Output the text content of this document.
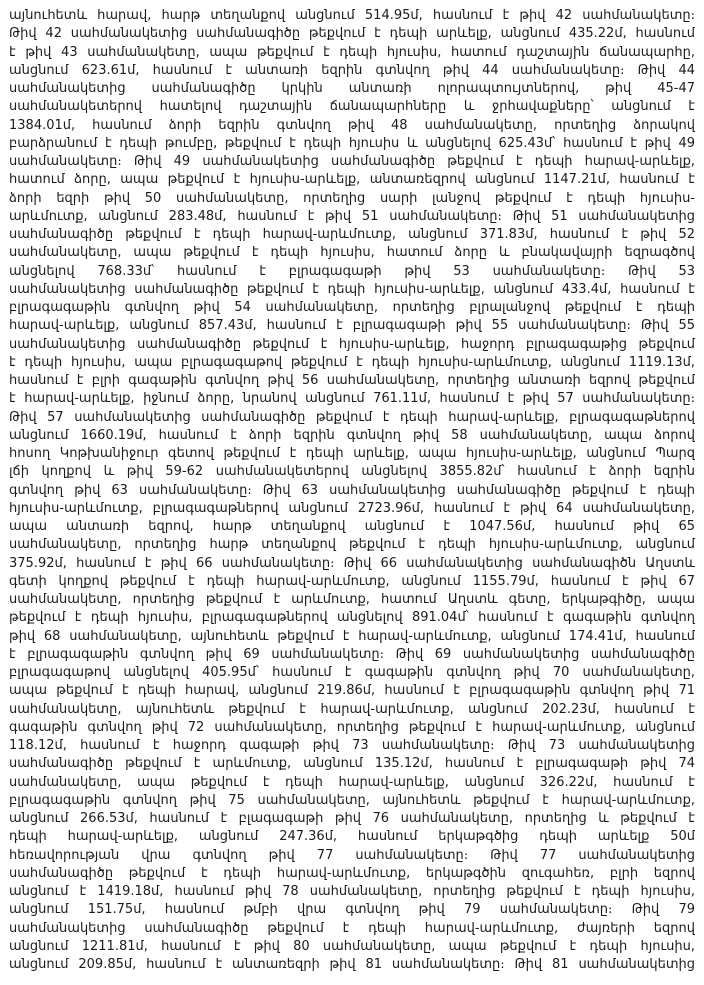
այնուհետև հարավ, հարթ տեղանքով անցնում 514.95մ, հասնում է թիվ 42 սահմանակետը։
Թիվ 42 սահմանակետից սահմանագիծը թեքվում է դեպի արևելք, անցնում 435.22մ, հասնում
է թիվ 43 սահմանակետը, ապա թեքվում է դեպի հյուսիս, հատում դաշտային ճանապարհը,
անցնում 623.61մ, հասնում է անտառի եզրին գտնվող թիվ 44 սահմանակետը։ Թիվ 44
սահմանակետից սահմանագիծը կրկին անտառի ոլորապտույտներով, թիվ 45-47
սահմանակետերով հատելով դաշտային ճանապարհները և ջրհավաքները՝ անցնում է
1384.01մ, հասնում ձորի եզրին գտնվող թիվ 48 սահմանակետը, որտեղից ձորակով
բարձրանում է դեպի թումբը, թեքվում է դեպի հյուսիս և անցնելով 625.43մ՝ հասնում է թիվ 49
սահմանակետը։ Թիվ 49 սահմանակետից սահմանագիծը թեքվում է դեպի հարավ-արևելք,
հատում ձորը, ապա թեքվում է հյուսիս-արևելք, անտառեզրով անցնում 1147.21մ, հասնում է
ձորի եզրի թիվ 50 սահմանակետը, որտեղից սարի լանջով թեքվում է դեպի հյուսիս-
արևմուտք, անցնում 283.48մ, հասնում է թիվ 51 սահմանակետը։ Թիվ 51 սահմանակետից
սահմանագիծը թեքվում է դեպի հարավ-արևմուտք, անցնում 371.83մ, հասնում է թիվ 52
սահմանակետը, ապա թեքվում է դեպի հյուսիս, հատում ձորը և բնակավայրի եզրագծով
անցնելով 768.33մ՝ հասնում է բլրագագաթի թիվ 53 սահմանակետը։ Թիվ 53
սահմանակետից սահմանագիծը թեքվում է դեպի հյուսիս-արևելք, անցնում 433.4մ, հասնում է
բլրագագաթին գտնվող թիվ 54 սահմանակետը, որտեղից բլրալանջով թեքվում է դեպի
հարավ-արևելք, անցնում 857.43մ, հասնում է բլրագագաթի թիվ 55 սահմանակետը։ Թիվ 55
սահմանակետից սահմանագիծը թեքվում է հյուսիս-արևելք, հաջորդ բլրագագաթից թեքվում
է դեպի հյուսիս, ապա բլրագագաթով թեքվում է դեպի հյուսիս-արևմուտք, անցնում 1119.13մ,
հասնում է բլրի գագաթին գտնվող թիվ 56 սահմանակետը, որտեղից անտառի եզրով թեքվում
է հարավ-արևելք, իջնում ձորը, նրանով անցնում 761.11մ, հասնում է թիվ 57 սահմանակետը։
Թիվ 57 սահմանակետից սահմանագիծը թեքվում է դեպի հարավ-արևելք, բլրագագաթներով
անցնում 1660.19մ, հասնում է ձորի եզրին գտնվող թիվ 58 սահմանակետը, ապա ձորով
հոսող Կոթխանիջուր գետով թեքվում է դեպի արևելք, ապա հյուսիս-արևելք, անցնում Պարզ
լճի կողքով և թիվ 59-62 սահմանակետերով անցնելով 3855.82մ՝ հասնում է ձորի եզրին
գտնվող թիվ 63 սահմանակետը։ Թիվ 63 սահմանակետից սահմանագիծը թեքվում է դեպի
հյուսիս-արևմուտք, բլրագագաթներով անցնում 2723.96մ, հասնում է թիվ 64 սահմանակետը,
ապա անտառի եզրով, հարթ տեղանքով անցնում է 1047.56մ, հասնում թիվ 65
սահմանակետը, որտեղից հարթ տեղանքով թեքվում է դեպի հյուսիս-արևմուտք, անցնում
375.92մ, հասնում է թիվ 66 սահմանակետը։ Թիվ 66 սահմանակետից սահմանագիծն Աղստև
գետի կողքով թեքվում է դեպի հարավ-արևմուտք, անցնում 1155.79մ, հասնում է թիվ 67
սահմանակետը, որտեղից թեքվում է արևմուտք, հատում Աղստև գետը, երկաթգիծը, ապա
թեքվում է դեպի հյուսիս, բլրագագաթներով անցնելով 891.04մ՝ հասնում է գագաթին գտնվող
թիվ 68 սահմանակետը, այնուհետև թեքվում է հարավ-արևմուտք, անցնում 174.41մ, հասնում
է բլրագագաթին գտնվող թիվ 69 սահմանակետը։ Թիվ 69 սահմանակետից սահմանագիծը
բլրագագաթով անցնելով 405.95մ՝ հասնում է գագաթին գտնվող թիվ 70 սահմանակետը,
ապա թեքվում է դեպի հարավ, անցնում 219.86մ, հասնում է բլրագագաթին գտնվող թիվ 71
սահմանակետը, այնուհետև թեքվում է հարավ-արևմուտք, անցնում 202.23մ, հասնում է
գագաթին գտնվող թիվ 72 սահմանակետը, որտեղից թեքվում է հարավ-արևմուտք, անցնում
118.12մ, հասնում է հաջորդ գագաթի թիվ 73 սահմանակետը։ Թիվ 73 սահմանակետից
սահմանագիծը թեքվում է արևմուտք, անցնում 135.12մ, հասնում է բլրագագաթի թիվ 74
սահմանակետը, ապա թեքվում է դեպի հարավ-արևելք, անցնում 326.22մ, հասնում է
բլրագագաթին գտնվող թիվ 75 սահմանակետը, այնուհետև թեքվում է հարավ-արևմուտք,
անցնում 266.53մ, հասնում է բլագագաթի թիվ 76 սահմանակետը, որտեղից և թեքվում է
դեպի հարավ-արևելք, անցնում 247.36մ, հասնում երկաթգծից դեպի արևելք 50մ
հեռավորության վրա գտնվող թիվ 77 սահմանակետը։ Թիվ 77 սահմանակետից
սահմանագիծը թեքվում է դեպի հարավ-արևմուտք, երկաթգծին զուգահեռ, բլրի եզրով
անցնում է 1419.18մ, հասնում թիվ 78 սահմանակետը, որտեղից թեքվում է դեպի հյուսիս,
անցնում 151.75մ, հասնում թմբի վրա գտնվող թիվ 79 սահմանակետը։ Թիվ 79
սահմանակետից սահմանագիծը թեքվում է դեպի հարավ-արևմուտք, ժայռերի եզրով
անցնում 1211.81մ, հասնում է թիվ 80 սահմանակետը, ապա թեքվում է դեպի հյուսիս,
անցնում 209.85մ, հասնում է անտառեզրի թիվ 81 սահմանակետը։ Թիվ 81 սահմանակետից
